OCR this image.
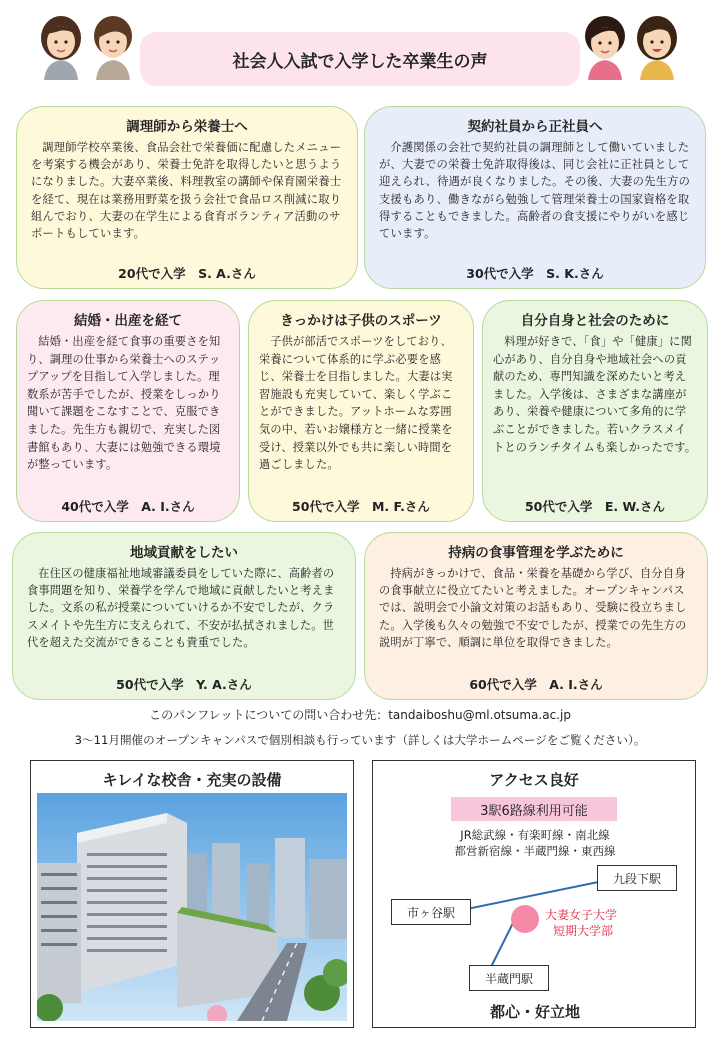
社会人入試で入学した卒業生の声
調理師から栄養士へ

調理師学校卒業後、食品会社で栄養価に配慮したメニューを考案する機会があり、栄養士免許を取得したいと思うようになりました。大妻卒業後、料理教室の講師や保育園栄養士を経て、現在は業務用野菜を扱う会社で食品ロス削減に取り組んでおり、大妻の在学生による食育ボランティア活動のサポートもしています。

20代で入学　S. A.さん
契約社員から正社員へ

介護関係の会社で契約社員の調理師として働いていましたが、大妻での栄養士免許取得後は、同じ会社に正社員として迎えられ、待遇が良くなりました。その後、大妻の先生方の支援もあり、働きながら勉強して管理栄養士の国家資格を取得することもできました。高齢者の食支援にやりがいを感じています。

30代で入学　S. K.さん
結婚・出産を経て

結婚・出産を経て食事の重要さを知り、調理の仕事から栄養士へのステップアップを目指して入学しました。理数系が苦手でしたが、授業をしっかり聞いて課題をこなすことで、克服できました。先生方も親切で、充実した図書館もあり、大妻には勉強できる環境が整っています。

40代で入学　A. I.さん
きっかけは子供のスポーツ

子供が部活でスポーツをしており、栄養について体系的に学ぶ必要を感じ、栄養士を目指しました。大妻は実習施設も充実していて、楽しく学ぶことができました。アットホームな雰囲気の中、若いお嬢様方と一緒に授業を受け、授業以外でも共に楽しい時間を過ごしました。

50代で入学　M. F.さん
自分自身と社会のために

料理が好きで、「食」や「健康」に関心があり、自分自身や地域社会への貢献のため、専門知識を深めたいと考えました。入学後は、さまざまな講座があり、栄養や健康について多角的に学ぶことができました。若いクラスメイトとのランチタイムも楽しかったです。

50代で入学　E. W.さん
地域貢献をしたい

在住区の健康福祉地域審議委員をしていた際に、高齢者の食事問題を知り、栄養学を学んで地域に貢献したいと考えました。文系の私が授業についていけるか不安でしたが、クラスメイトや先生方に支えられて、不安が払拭されました。世代を超えた交流ができることも貴重でした。

50代で入学　Y. A.さん
持病の食事管理を学ぶために

持病がきっかけで、食品・栄養を基礎から学び、自分自身の食事献立に役立てたいと考えました。オープンキャンパスでは、説明会で小論文対策のお話もあり、受験に役立ちました。入学後も久々の勉強で不安でしたが、授業での先生方の説明が丁寧で、順調に単位を取得できました。

60代で入学　A. I.さん
このパンフレットについての問い合わせ先：tandaiboshu@ml.otsuma.ac.jp
3～11月開催のオープンキャンパスで個別相談も行っています（詳しくは大学ホームページをご覧ください）。
キレイな校舎・充実の設備	アクセス良好
3駅6路線利用可能
JR総武線・有楽町線・南北線
都営新宿線・半蔵門線・東西線
九段下駅
市ヶ谷駅
半蔵門駅
大妻女子大学
短期大学部
都心・好立地
